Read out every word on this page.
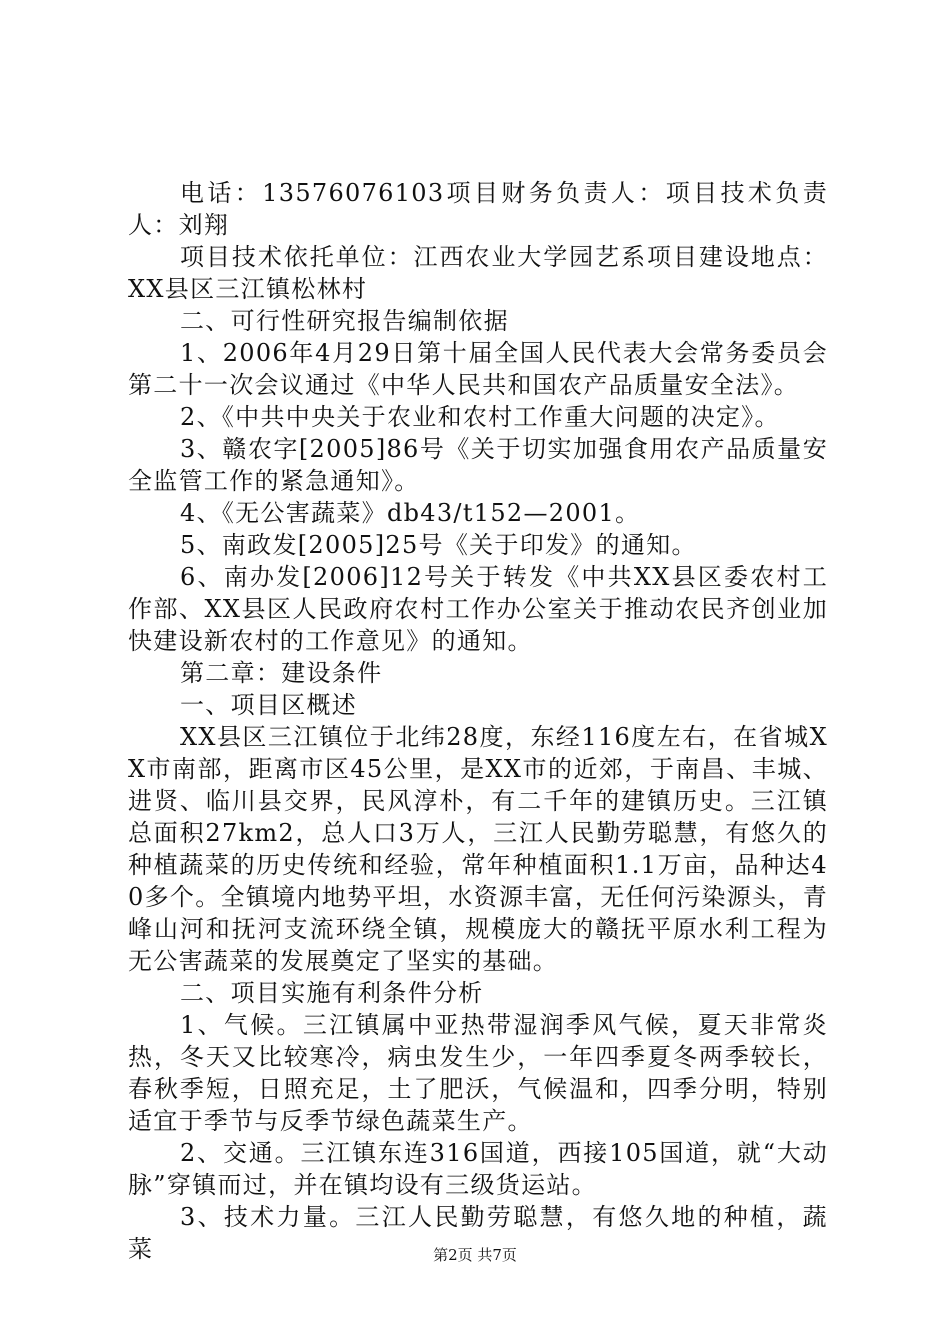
电话：13576076103项目财务负责人：项目技术负责人：刘翔

项目技术依托单位：江西农业大学园艺系项目建设地点：XX县区三江镇松林村

二、可行性研究报告编制依据

1、2006年4月29日第十届全国人民代表大会常务委员会第二十一次会议通过《中华人民共和国农产品质量安全法》。

2、《中共中央关于农业和农村工作重大问题的决定》。

3、赣农字[2005]86号《关于切实加强食用农产品质量安全监管工作的紧急通知》。

4、《无公害蔬菜》db43/t152—2001。

5、南政发[2005]25号《关于印发》的通知。

6、南办发[2006]12号关于转发《中共XX县区委农村工作部、XX县区人民政府农村工作办公室关于推动农民齐创业加快建设新农村的工作意见》的通知。

第二章：建设条件

一、项目区概述

XX县区三江镇位于北纬28度，东经116度左右，在省城XX市南部，距离市区45公里，是XX市的近郊，于南昌、丰城、进贤、临川县交界，民风淳朴，有二千年的建镇历史。三江镇总面积27km2，总人口3万人，三江人民勤劳聪慧，有悠久的种植蔬菜的历史传统和经验，常年种植面积1.1万亩，品种达40多个。全镇境内地势平坦，水资源丰富，无任何污染源头，青峰山河和抚河支流环绕全镇，规模庞大的赣抚平原水利工程为无公害蔬菜的发展奠定了坚实的基础。

二、项目实施有利条件分析

1、气候。三江镇属中亚热带湿润季风气候，夏天非常炎热，冬天又比较寒冷，病虫发生少，一年四季夏冬两季较长，春秋季短，日照充足，土了肥沃，气候温和，四季分明，特别适宜于季节与反季节绿色蔬菜生产。

2、交通。三江镇东连316国道，西接105国道，就“大动脉”穿镇而过，并在镇均设有三级货运站。

3、技术力量。三江人民勤劳聪慧，有悠久地的种植，蔬菜	第2页 共7页
